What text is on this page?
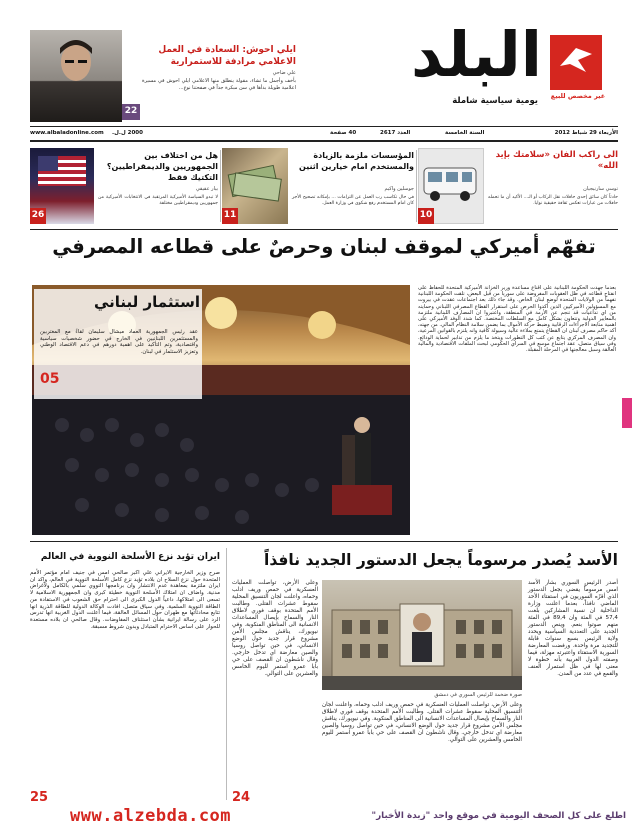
البلد
غير مخصص للبيع
يومية سياسية شاملة
22
ايلي احوش: السعادة في العمل الاعلامي مرادفة للاستمرارية
علي ضاحي
بأخف وأجمل ما تشاء، مقولة ينطلق منها الاعلامي ايلي احوش في مسيرة اعلامية طويلة بدأها في سن مبكرة جداً في صفحتنا نوع...
www.albaladonline.com 2000 ل.ل.	40 صفحة	العدد 2617	السنة الخامسة	الأربعاء 29 شباط 2012
10
الى راكب الفان «سلامتك بإيد الله»
توسي سارنيجيان
حادثاً كان سائق إحدى حافلات نقل الركاب أو الـ... الأكيد أن ما تحمله حافلات من عبارات تعكس ثقافة حقيقية نوايا.
11
المؤسسات ملزمة بالزيادة والمستخدم امام خيارين اثنين
جوسلين واكيم
في حال تكاسب رب العمل عن التزامات ... بإمكانه تصحيح الأجر كان امام المستخدم رفع شكوى في وزارة العمل.
26
هل من اختلاف بين الجمهوريين والديمقراطيين؟ التكتيك فقط
بيار عقيقي
لا تبدو السياسة الأميركية المرتقبة في الانتخابات الأميركية من جمهوريين وديمقراطيين مختلفة
تفهّم أميركي لموقف لبنان وحرصٌ على قطاعه المصرفي
استثمار لبناني
عقد رئيس الجمهورية العماد ميشال سليمان لقاءً مع المغتربين والمستثمرين اللبنانيين في الخارج في حضور شخصيات سياسية واقتصادية، وتم التأكيد على اهمية دورهم في دعم الاقتصاد الوطني وتعزيز الاستثمار في لبنان.
05
(تصوير: دالاتي ونهرا)
بعدما جهدت الحكومة اللبنانية على اقناع مساعدة وزير الخزانة الأميركية المتحدة للحفاظ على انفتاح قطاعه في ظل العقوبات المفروضة على سوريا من قبل البعض، تلقت الحكومة اللبنانية تفهماً من الولايات المتحدة لوضع لبنان الخاص. وقد جاء ذلك بعد اجتماعات عقدت في بيروت مع المسؤولين الأميركيين الذين أكدوا الحرص على استقرار القطاع المصرفي اللبناني وحمايته من اي تداعيات قد تنجم عن الأزمة في المنطقة، واعتبروا ان المصارف اللبنانية ملتزمة بالمعايير الدولية وتتعاون بشكل كامل مع السلطات المختصة. كما شدد الوفد الأميركي على اهمية متابعة الاجراءات الرقابية وضبط حركة الأموال بما يضمن سلامة النظام المالي. من جهته، أكد حاكم مصرف لبنان ان القطاع يتمتع بملاءة عالية وسيولة كافية وانه يلتزم بالقوانين المرعية، وان المصرف المركزي يتابع عن كثب كل التطورات ويتخذ ما يلزم من تدابير لحماية الودائع. وفي سياق متصل، عقد اجتماع موسع في السراي الحكومي لبحث الملفات الاقتصادية والمالية العالقة وسبل معالجتها في المرحلة المقبلة.
الأسد يُصدر مرسوماً يجعل الدستور الجديد نافذاً
أصدر الرئيس السوري بشار الأسد امس مرسوماً يقضي بجعل الدستور الذي أقرّه السوريون في استفتاء الأحد الماضي نافذاً، بعدما اعلنت وزارة الداخلية ان نسبة المشاركين بلغت 57,4 في المئة وان 89,4 في المئة منهم صوتوا بنعم. وينص الدستور الجديد على التعددية السياسية ويحدد ولاية الرئيس بسبع سنوات قابلة للتجديد مرة واحدة. ورفضت المعارضة السورية الاستفتاء واعتبرته مهزلة، فيما وصفته الدول الغربية بأنه خطوة لا معنى لها في ظل استمرار العنف والقمع في عدد من المدن.
صورة ضخمة للرئيس السوري في دمشق
وعلى الأرض، تواصلت العمليات العسكرية في حمص وريف ادلب وحماه، واعلنت لجان التنسيق المحلية سقوط عشرات القتلى. وطالبت الأمم المتحدة بوقف فوري لاطلاق النار والسماح بإيصال المساعدات الانسانية الى المناطق المنكوبة. وفي نيويورك، يناقش مجلس الأمن مشروع قرار جديد حول الوضع الانساني، في حين تواصل روسيا والصين معارضة اي تدخل خارجي. وقال ناشطون ان القصف على حي بابا عمرو استمر لليوم الخامس والعشرين على التوالي.
وعلى الأرض، تواصلت العمليات العسكرية في حمص وريف ادلب وحماه، واعلنت لجان التنسيق المحلية سقوط عشرات القتلى. وطالبت الأمم المتحدة بوقف فوري لاطلاق النار والسماح بإيصال المساعدات الانسانية الى المناطق المنكوبة. وفي نيويورك، يناقش مجلس الأمن مشروع قرار جديد حول الوضع الانساني، في حين تواصل روسيا والصين معارضة اي تدخل خارجي. وقال ناشطون ان القصف على حي بابا عمرو استمر لليوم الخامس والعشرين على التوالي.
24
ايران تؤيد نزع الأسلحة النووية في العالم
صرح وزير الخارجية الايراني علي اكبر صالحي امس في جنيف امام مؤتمر الأمم المتحدة حول نزع السلاح ان بلاده تؤيد نزع كامل الأسلحة النووية في العالم، واكد ان ايران ملتزمة بمعاهدة عدم الانتشار وان برنامجها النووي سلمي بالكامل ولأغراض مدنية. واضاف ان امتلاك الأسلحة النووية خطيئة كبرى وان الجمهورية الاسلامية لا تسعى الى امتلاكها، داعياً الدول الكبرى الى احترام حق الشعوب في الاستفادة من الطاقة النووية السلمية. وفي سياق متصل، افادت الوكالة الدولية للطاقة الذرية انها تتابع محادثاتها مع طهران حول المسائل العالقة، فيما اعلنت الدول الغربية انها تدرس الرد على رسالة ايرانية بشأن استئناف المفاوضات. وقال صالحي ان بلاده مستعدة للحوار على اساس الاحترام المتبادل وبدون شروط مسبقة.
25
www.alzebda.com	اطلع على كل الصحف اليومية في موقع واحد "زبدة الأخبار"
